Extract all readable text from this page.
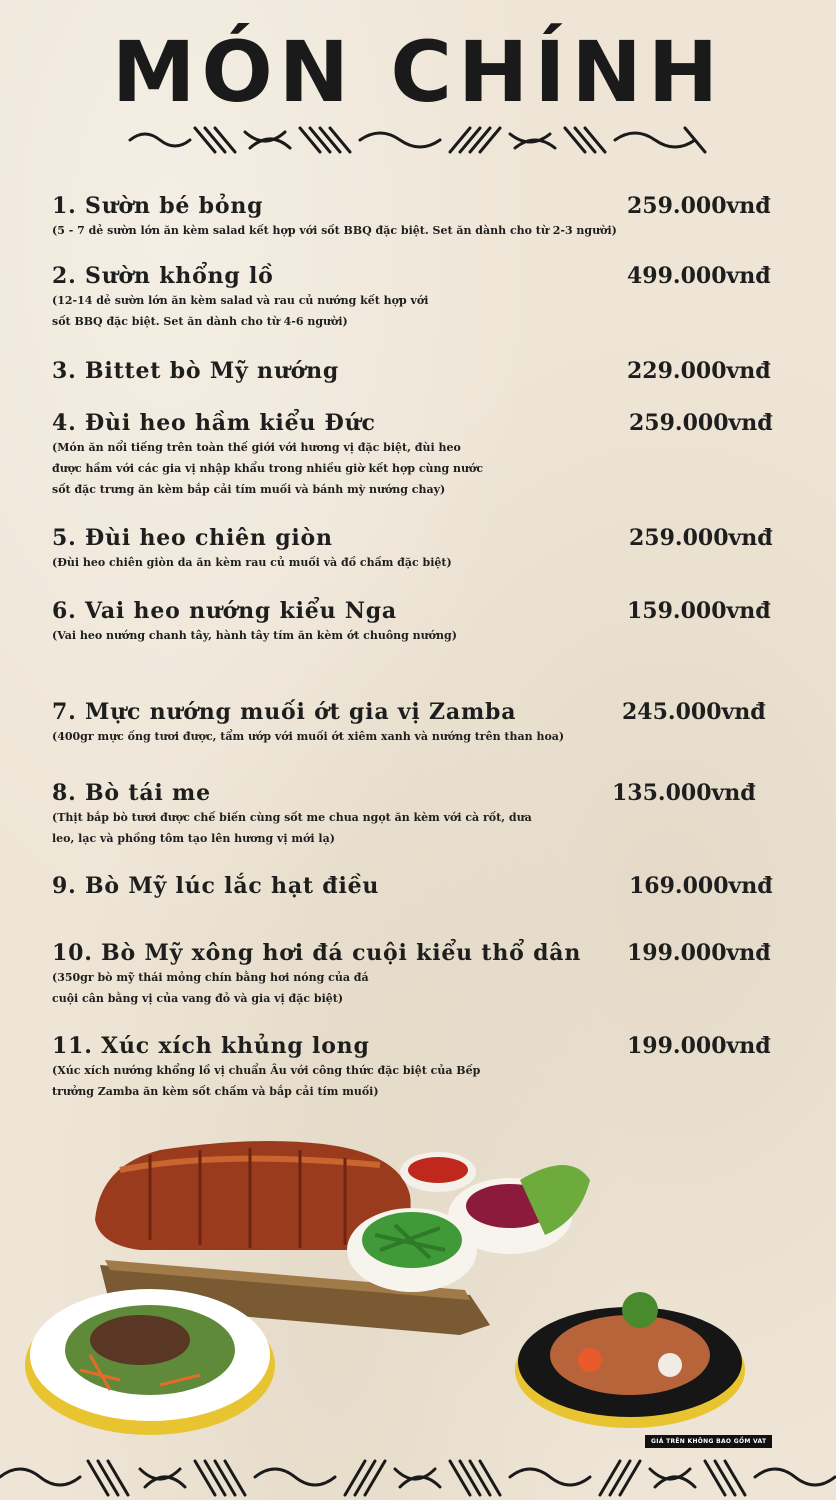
MÓN CHÍNH
1. Sườn bé bỏng	259.000vnđ
(5 - 7 dẻ sườn lớn ăn kèm salad kết hợp với sốt BBQ đặc biệt. Set ăn dành cho từ 2-3 người)
2. Sườn khổng lồ	499.000vnđ
(12-14 dẻ sườn lớn ăn kèm salad và rau củ nướng kết hợp với sốt BBQ đặc biệt. Set ăn dành cho từ 4-6 người)
3. Bittet bò Mỹ nướng	229.000vnđ
4. Đùi heo hầm kiểu Đức	259.000vnđ
(Món ăn nổi tiếng trên toàn thế giới với hương vị đặc biệt, đùi heo được hầm với các gia vị nhập khẩu trong nhiều giờ kết hợp cùng nước sốt đặc trưng ăn kèm bắp cải tím muối và bánh mỳ nướng chay)
5. Đùi heo chiên giòn	259.000vnđ
(Đùi heo chiên giòn da ăn kèm rau củ muối và đồ chấm đặc biệt)
6. Vai heo nướng kiểu Nga	159.000vnđ
(Vai heo nướng chanh tây, hành tây tím ăn kèm ớt chuông nướng)
7. Mực nướng muối ớt gia vị Zamba	245.000vnđ
(400gr mực ống tươi được, tẩm ướp với muối ớt xiêm xanh và nướng trên than hoa)
8. Bò tái me	135.000vnđ
(Thịt bắp bò tươi được chế biến cùng sốt me chua ngọt ăn kèm với cà rốt, dưa leo, lạc và phồng tôm tạo lên hương vị mới lạ)
9. Bò Mỹ lúc lắc hạt điều	169.000vnđ
10. Bò Mỹ xông hơi đá cuội kiểu thổ dân	199.000vnđ
(350gr bò mỹ thái mỏng chín bằng hơi nóng của đá cuội cân bằng vị của vang đỏ và gia vị đặc biệt)
11. Xúc xích khủng long	199.000vnđ
(Xúc xích nướng khổng lồ vị chuẩn Âu với công thức đặc biệt của Bếp trưởng Zamba ăn kèm sốt chấm và bắp cải tím muối)
GIÁ TRÊN KHÔNG BAO GỒM VAT
